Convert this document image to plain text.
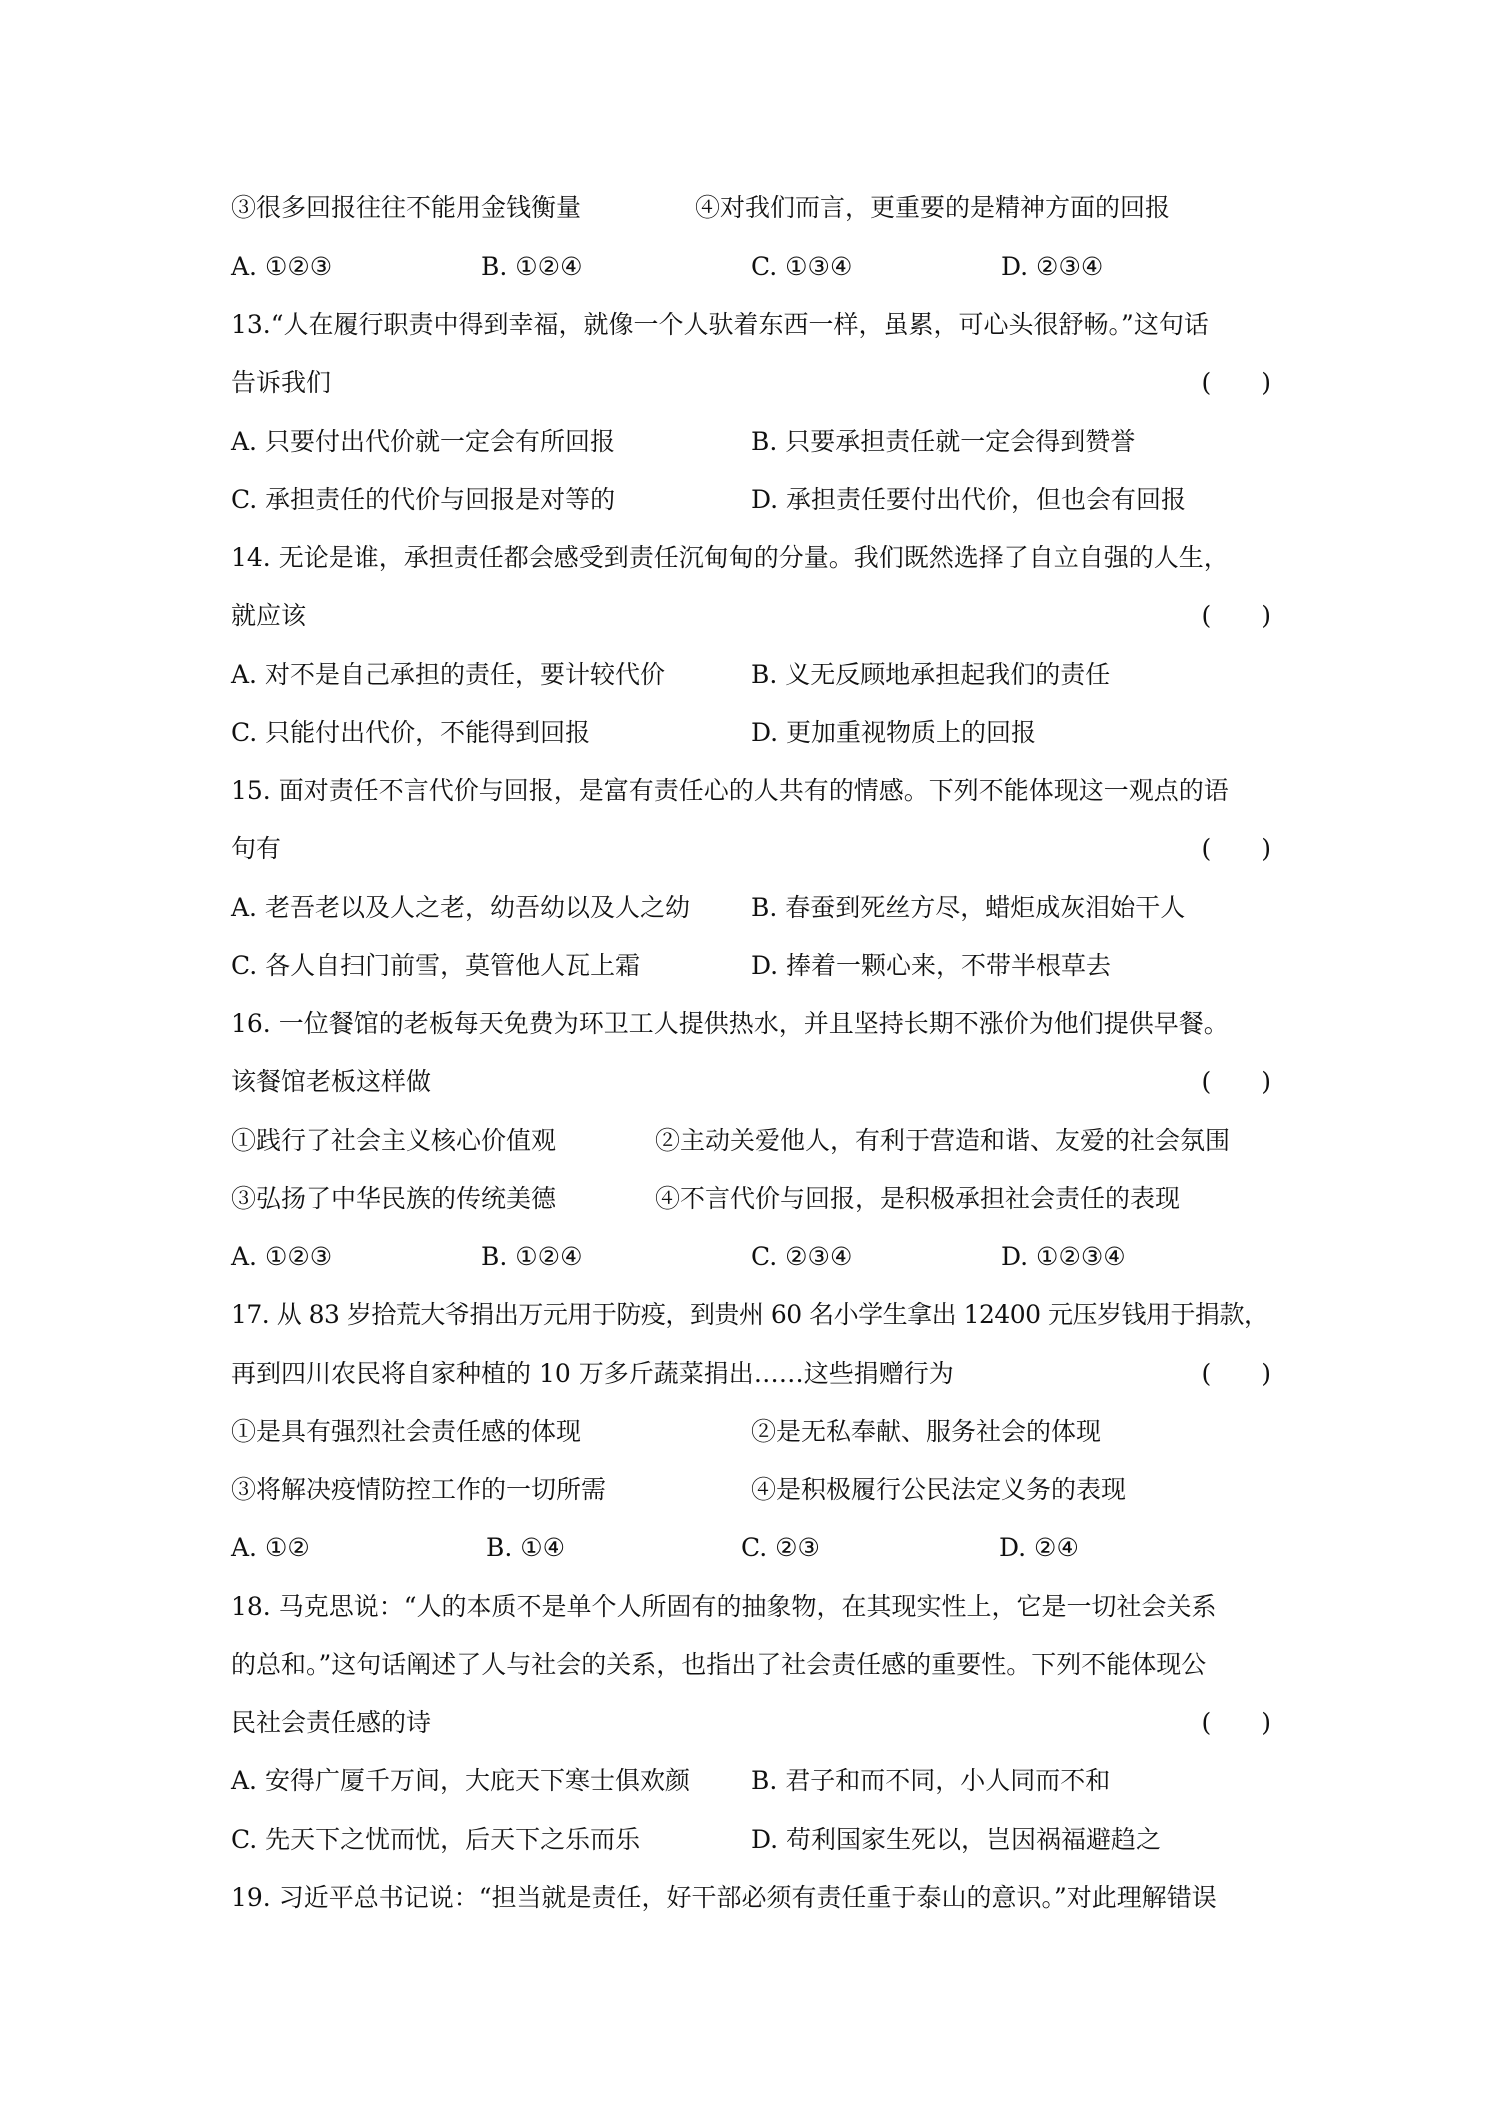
③很多回报往往不能用金钱衡量	④对我们而言，更重要的是精神方面的回报
A. ①②③	B. ①②④	C. ①③④	D. ②③④
13.“人在履行职责中得到幸福，就像一个人驮着东西一样，虽累，可心头很舒畅。”这句话
告诉我们	(　　)
A. 只要付出代价就一定会有所回报	B. 只要承担责任就一定会得到赞誉
C. 承担责任的代价与回报是对等的	D. 承担责任要付出代价，但也会有回报
14. 无论是谁，承担责任都会感受到责任沉甸甸的分量。我们既然选择了自立自强的人生，
就应该	(　　)
A. 对不是自己承担的责任，要计较代价	B. 义无反顾地承担起我们的责任
C. 只能付出代价，不能得到回报	D. 更加重视物质上的回报
15. 面对责任不言代价与回报，是富有责任心的人共有的情感。下列不能体现这一观点的语
句有	(　　)
A. 老吾老以及人之老，幼吾幼以及人之幼 B. 春蚕到死丝方尽，蜡炬成灰泪始干人
C. 各人自扫门前雪，莫管他人瓦上霜	D. 捧着一颗心来，不带半根草去
16. 一位餐馆的老板每天免费为环卫工人提供热水，并且坚持长期不涨价为他们提供早餐。
该餐馆老板这样做	(　　)
①践行了社会主义核心价值观	②主动关爱他人，有利于营造和谐、友爱的社会氛围
③弘扬了中华民族的传统美德	④不言代价与回报，是积极承担社会责任的表现
A. ①②③	B. ①②④	C. ②③④	D. ①②③④
17. 从 83 岁拾荒大爷捐出万元用于防疫，到贵州 60 名小学生拿出 12400 元压岁钱用于捐款，
再到四川农民将自家种植的 10 万多斤蔬菜捐出……这些捐赠行为	(　　)
①是具有强烈社会责任感的体现	②是无私奉献、服务社会的体现
③将解决疫情防控工作的一切所需	④是积极履行公民法定义务的表现
A. ①②	B. ①④	C. ②③	D. ②④
18. 马克思说：“人的本质不是单个人所固有的抽象物，在其现实性上，它是一切社会关系
的总和。”这句话阐述了人与社会的关系，也指出了社会责任感的重要性。下列不能体现公
民社会责任感的诗	(　　)
A. 安得广厦千万间，大庇天下寒士俱欢颜 B. 君子和而不同，小人同而不和
C. 先天下之忧而忧，后天下之乐而乐	D. 苟利国家生死以，岂因祸福避趋之
19. 习近平总书记说：“担当就是责任，好干部必须有责任重于泰山的意识。”对此理解错误
